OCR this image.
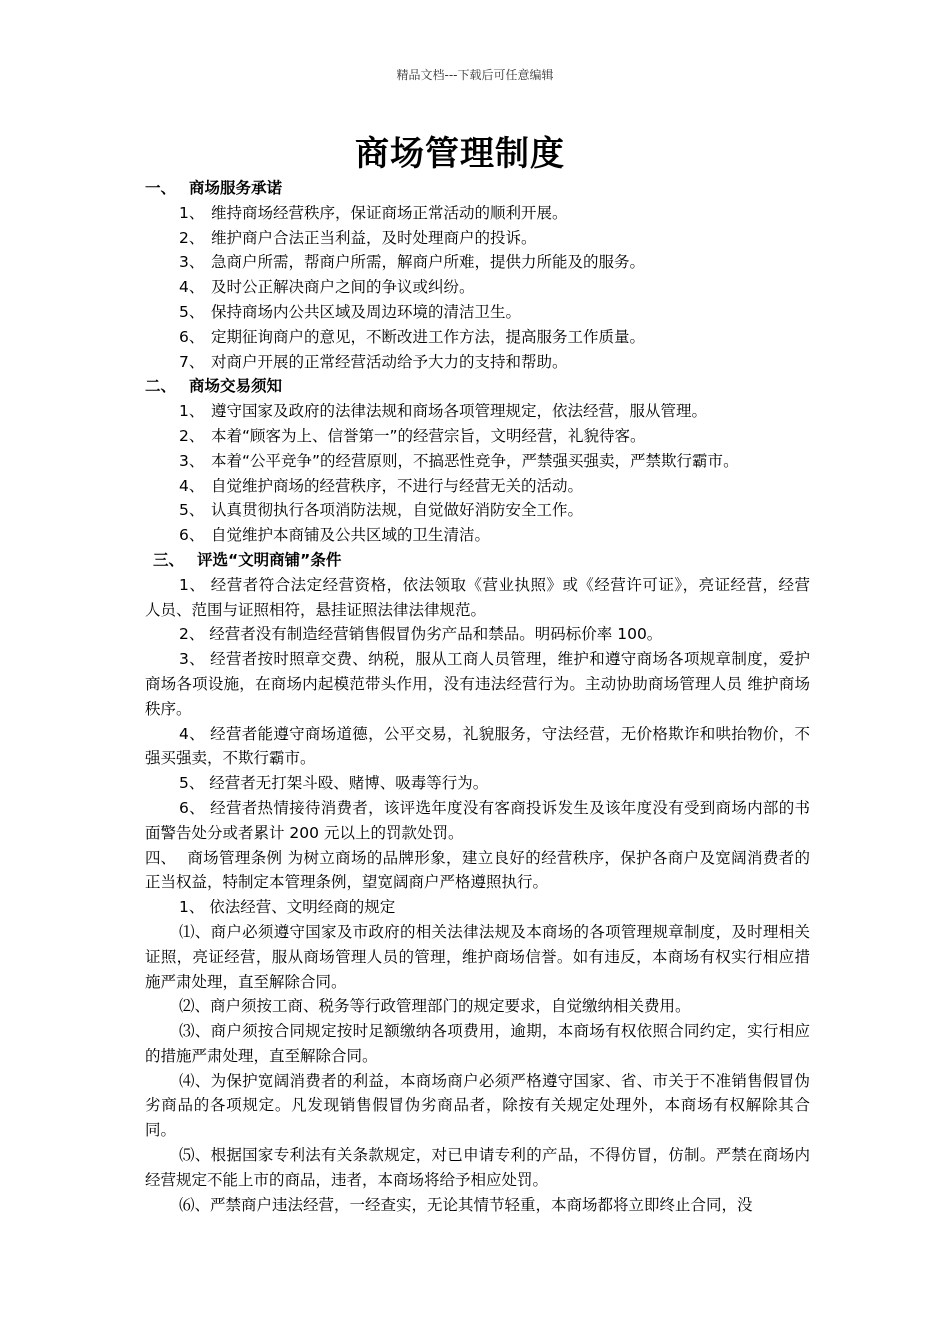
精品文档---下载后可任意编辑
商场管理制度
一、 商场服务承诺
1、 维持商场经营秩序，保证商场正常活动的顺利开展。
2、 维护商户合法正当利益，及时处理商户的投诉。
3、 急商户所需，帮商户所需，解商户所难，提供力所能及的服务。
4、 及时公正解决商户之间的争议或纠纷。
5、 保持商场内公共区域及周边环境的清洁卫生。
6、 定期征询商户的意见，不断改进工作方法，提高服务工作质量。
7、 对商户开展的正常经营活动给予大力的支持和帮助。
二、 商场交易须知
1、 遵守国家及政府的法律法规和商场各项管理规定，依法经营，服从管理。
2、 本着“顾客为上、信誉第一”的经营宗旨，文明经营，礼貌待客。
3、 本着“公平竞争”的经营原则，不搞恶性竞争，严禁强买强卖，严禁欺行霸市。
4、 自觉维护商场的经营秩序，不进行与经营无关的活动。
5、 认真贯彻执行各项消防法规，自觉做好消防安全工作。
6、 自觉维护本商铺及公共区域的卫生清洁。
三、 评选“文明商铺”条件
1、 经营者符合法定经营资格，依法领取《营业执照》或《经营许可证》，亮证经营，经营 人员、范围与证照相符，悬挂证照法律法律规范。
2、 经营者没有制造经营销售假冒伪劣产品和禁品。明码标价率 100。
3、 经营者按时照章交费、纳税，服从工商人员管理，维护和遵守商场各项规章制度，爱护 商场各项设施，在商场内起模范带头作用，没有违法经营行为。主动协助商场管理人员 维护商场秩序。
4、 经营者能遵守商场道德，公平交易，礼貌服务，守法经营，无价格欺诈和哄抬物价，不 强买强卖，不欺行霸市。
5、 经营者无打架斗殴、赌博、吸毒等行为。
6、 经营者热情接待消费者，该评选年度没有客商投诉发生及该年度没有受到商场内部的书 面警告处分或者累计 200 元以上的罚款处罚。
四、 商场管理条例 为树立商场的品牌形象，建立良好的经营秩序，保护各商户及宽阔消费者的正当权益，特制定本管理条例，望宽阔商户严格遵照执行。
1、 依法经营、文明经商的规定
⑴、商户必须遵守国家及市政府的相关法律法规及本商场的各项管理规章制度，及时理相关证照，亮证经营，服从商场管理人员的管理，维护商场信誉。如有违反，本商场有权实行相应措施严肃处理，直至解除合同。
⑵、商户须按工商、税务等行政管理部门的规定要求，自觉缴纳相关费用。
⑶、商户须按合同规定按时足额缴纳各项费用，逾期，本商场有权依照合同约定，实行相应的措施严肃处理，直至解除合同。
⑷、为保护宽阔消费者的利益，本商场商户必须严格遵守国家、省、市关于不准销售假冒伪劣商品的各项规定。凡发现销售假冒伪劣商品者，除按有关规定处理外，本商场有权解除其合同。
⑸、根据国家专利法有关条款规定，对已申请专利的产品，不得仿冒，仿制。严禁在商场内经营规定不能上市的商品，违者，本商场将给予相应处罚。
⑹、严禁商户违法经营，一经查实，无论其情节轻重，本商场都将立即终止合同，没
